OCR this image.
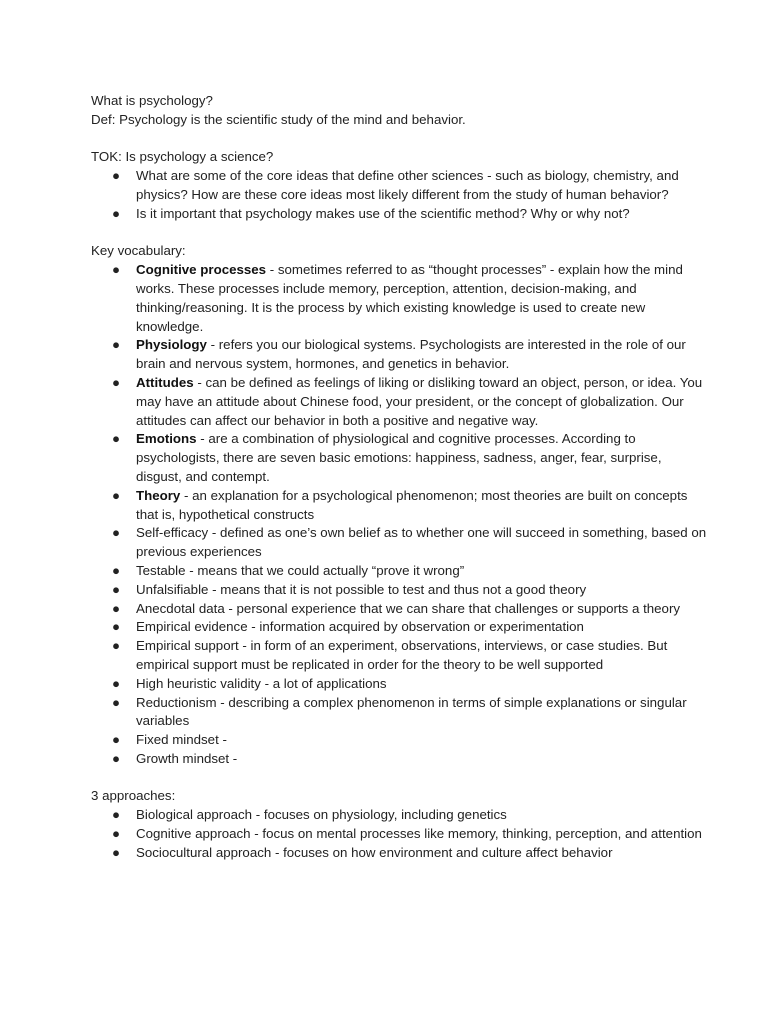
What is psychology?

Def: Psychology is the scientific study of the mind and behavior.

TOK: Is psychology a science?

● What are some of the core ideas that define other sciences - such as biology, chemistry, and physics? How are these core ideas most likely different from the study of human behavior?
● Is it important that psychology makes use of the scientific method? Why or why not?

Key vocabulary:

● Cognitive processes - sometimes referred to as “thought processes” - explain how the mind works. These processes include memory, perception, attention, decision-making, and thinking/reasoning. It is the process by which existing knowledge is used to create new knowledge.
● Physiology - refers you our biological systems. Psychologists are interested in the role of our brain and nervous system, hormones, and genetics in behavior.
● Attitudes - can be defined as feelings of liking or disliking toward an object, person, or idea. You may have an attitude about Chinese food, your president, or the concept of globalization. Our attitudes can affect our behavior in both a positive and negative way.
● Emotions - are a combination of physiological and cognitive processes. According to psychologists, there are seven basic emotions: happiness, sadness, anger, fear, surprise, disgust, and contempt.
● Theory - an explanation for a psychological phenomenon; most theories are built on concepts that is, hypothetical constructs
● Self-efficacy - defined as one’s own belief as to whether one will succeed in something, based on previous experiences
● Testable - means that we could actually “prove it wrong”
● Unfalsifiable - means that it is not possible to test and thus not a good theory
● Anecdotal data - personal experience that we can share that challenges or supports a theory
● Empirical evidence - information acquired by observation or experimentation
● Empirical support - in form of an experiment, observations, interviews, or case studies. But empirical support must be replicated in order for the theory to be well supported
● High heuristic validity - a lot of applications
● Reductionism - describing a complex phenomenon in terms of simple explanations or singular variables
● Fixed mindset -
● Growth mindset -

3 approaches:

● Biological approach - focuses on physiology, including genetics
● Cognitive approach - focus on mental processes like memory, thinking, perception, and attention
● Sociocultural approach - focuses on how environment and culture affect behavior
